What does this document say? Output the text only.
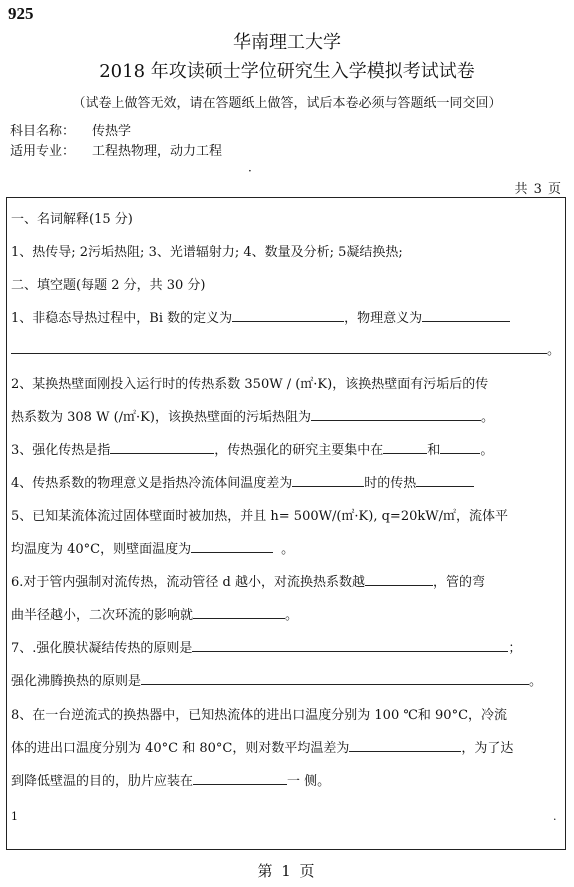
925
华南理工大学
2018 年攻读硕士学位研究生入学模拟考试试卷
（试卷上做答无效，请在答题纸上做答，试后本卷必须与答题纸一同交回）
科目名称： 传热学
适用专业： 工程热物理，动力工程
·
共 3 页
一、名词解释(15 分)
1、热传导; 2污垢热阻; 3、光谱辐射力; 4、数量及分析; 5凝结换热;
二、填空题(每题 2 分，共 30 分)
1、非稳态导热过程中，Bi 数的定义为	，物理意义为
。
2、某换热壁面刚投入运行时的传热系数 350W / (㎡·K)，该换热壁面有污垢后的传
热系数为 308 W (/㎡·K)，该换热壁面的污垢热阻为	。
3、强化传热是指	，传热强化的研究主要集中在	和	。
4、传热系数的物理意义是指热冷流体间温度差为	时的传热
5、已知某流体流过固体壁面时被加热，并且 h= 500W/(㎡·K), q=20kW/㎡，流体平
均温度为 40°C，则壁面温度为	。
6.对于管内强制对流传热，流动管径 d 越小，对流换热系数越	，管的弯
曲半径越小，二次环流的影响就	。
7、.强化膜状凝结传热的原则是	；
强化沸腾换热的原则是	。
8、在一台逆流式的换热器中，已知热流体的进出口温度分别为 100 ℃和 90°C，冷流
体的进出口温度分别为 40°C 和 80°C，则对数平均温差为	，为了达
到降低壁温的目的，肋片应装在	一 侧。
1	.
第 1 页
